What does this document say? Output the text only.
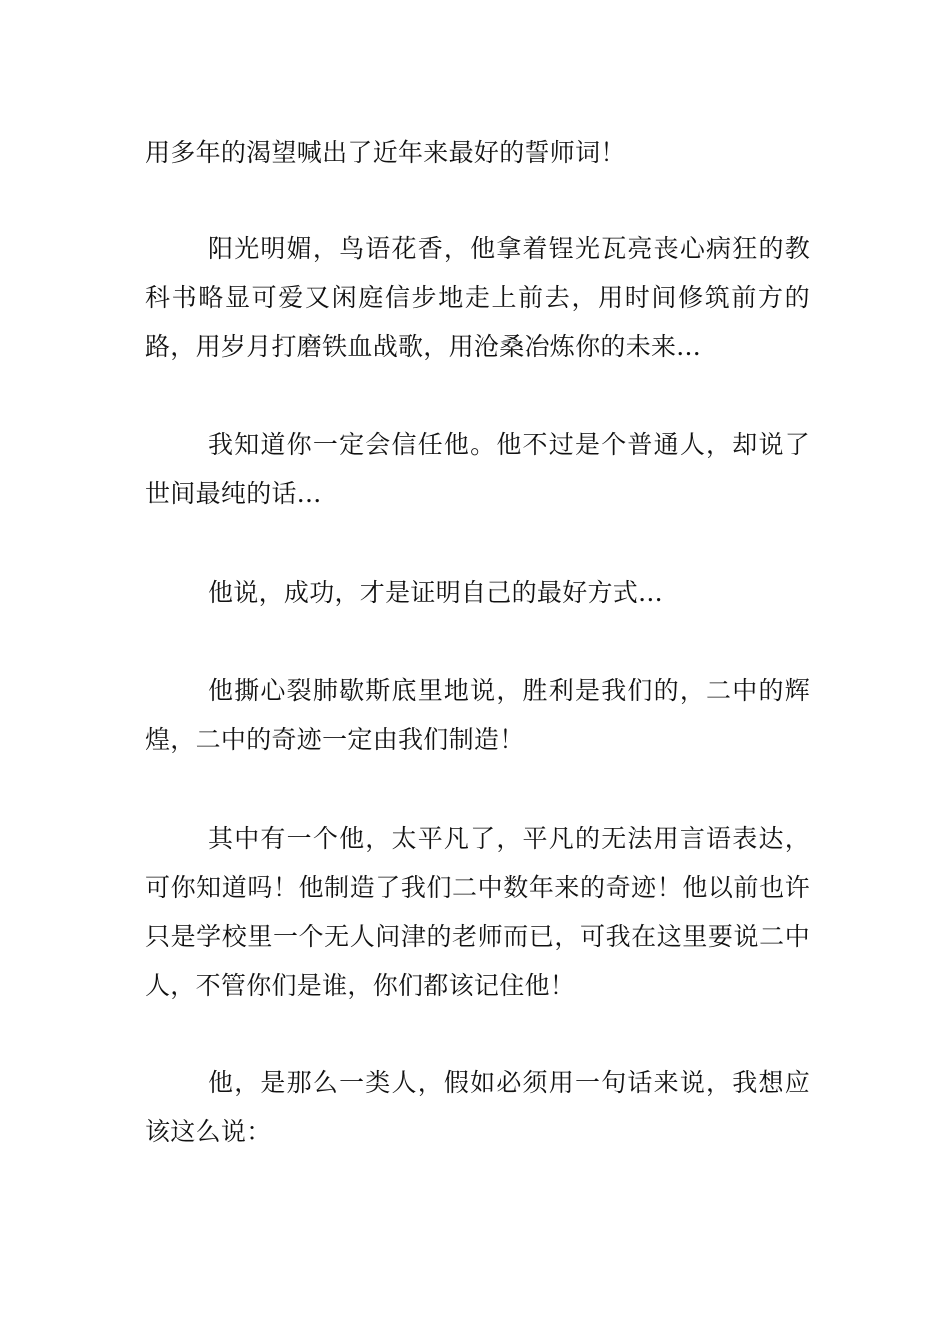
用多年的渴望喊出了近年来最好的誓师词！

阳光明媚，鸟语花香，他拿着锃光瓦亮丧心病狂的教科书略显可爱又闲庭信步地走上前去，用时间修筑前方的路，用岁月打磨铁血战歌，用沧桑冶炼你的未来...

我知道你一定会信任他。他不过是个普通人，却说了世间最纯的话...

他说，成功，才是证明自己的最好方式...

他撕心裂肺歇斯底里地说，胜利是我们的，二中的辉煌，二中的奇迹一定由我们制造！

其中有一个他，太平凡了，平凡的无法用言语表达，可你知道吗！他制造了我们二中数年来的奇迹！他以前也许只是学校里一个无人问津的老师而已，可我在这里要说二中人，不管你们是谁，你们都该记住他！

他，是那么一类人，假如必须用一句话来说，我想应该这么说：
